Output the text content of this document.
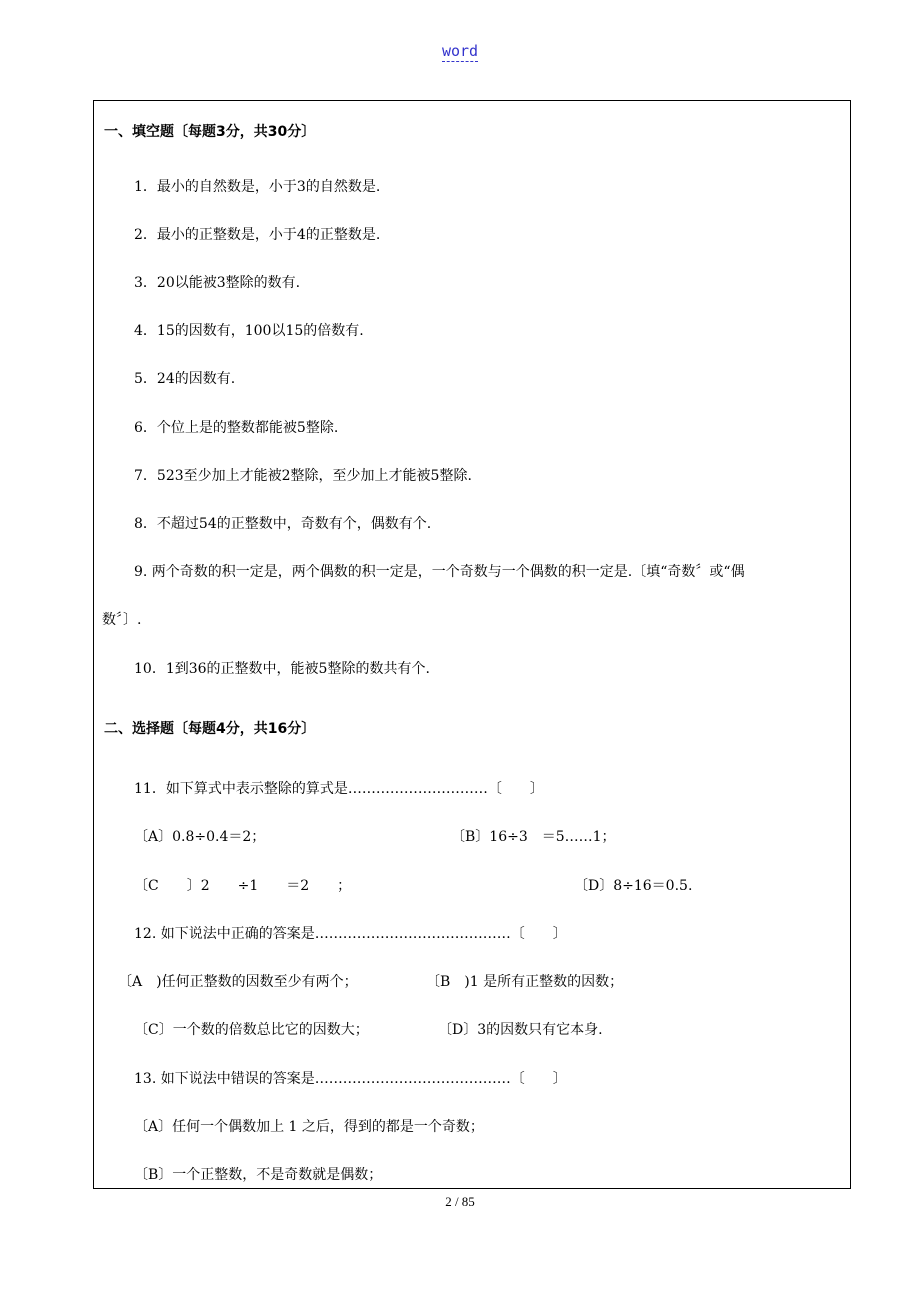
word
一、填空题〔每题3分，共30分〕
1．最小的自然数是，小于3的自然数是.
2．最小的正整数是，小于4的正整数是.
3．20以能被3整除的数有.
4．15的因数有，100以15的倍数有.
5．24的因数有.
6．个位上是的整数都能被5整除.
7．523至少加上才能被2整除，至少加上才能被5整除.
8．不超过54的正整数中，奇数有个，偶数有个.
9. 两个奇数的积一定是，两个偶数的积一定是，一个奇数与一个偶数的积一定是.〔填“奇数〞或“偶
数〞〕.
10．1到36的正整数中，能被5整除的数共有个.
二、选择题〔每题4分，共16分〕
11．如下算式中表示整除的算式是…………………………〔　　〕
〔A〕0.8÷0.4＝2；	〔B〕16÷3　＝5……1；
〔C　　〕2　　÷1　　＝2　　；	〔D〕8÷16＝0.5.
12. 如下说法中正确的答案是……………………………………〔　　〕
〔A　)任何正整数的因数至少有两个；	〔B　)1 是所有正整数的因数；
〔C〕一个数的倍数总比它的因数大；	〔D〕3的因数只有它本身.
13. 如下说法中错误的答案是……………………………………〔　　〕
〔A〕任何一个偶数加上 1 之后，得到的都是一个奇数；
〔B〕一个正整数，不是奇数就是偶数；
2 / 85
